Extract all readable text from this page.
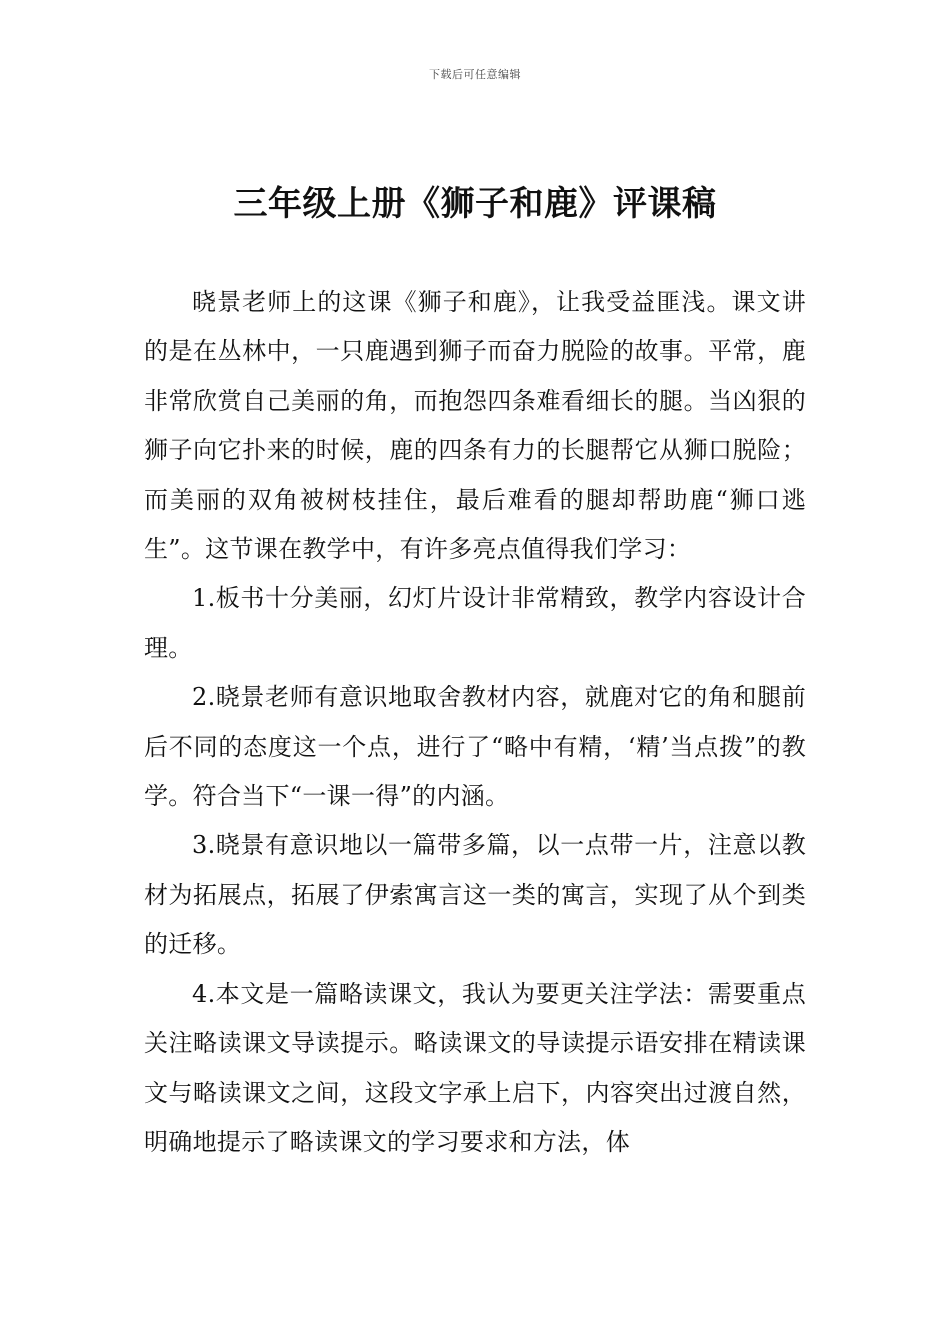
下载后可任意编辑
三年级上册《狮子和鹿》评课稿

晓景老师上的这课《狮子和鹿》，让我受益匪浅。课文讲的是在丛林中，一只鹿遇到狮子而奋力脱险的故事。平常，鹿非常欣赏自己美丽的角，而抱怨四条难看细长的腿。当凶狠的狮子向它扑来的时候，鹿的四条有力的长腿帮它从狮口脱险；而美丽的双角被树枝挂住，最后难看的腿却帮助鹿“狮口逃生”。这节课在教学中，有许多亮点值得我们学习：

1.板书十分美丽，幻灯片设计非常精致，教学内容设计合理。

2.晓景老师有意识地取舍教材内容，就鹿对它的角和腿前后不同的态度这一个点，进行了“略中有精，‘精’当点拨”的教学。符合当下“一课一得”的内涵。

3.晓景有意识地以一篇带多篇，以一点带一片，注意以教材为拓展点，拓展了伊索寓言这一类的寓言，实现了从个到类的迁移。

4.本文是一篇略读课文，我认为要更关注学法：需要重点关注略读课文导读提示。略读课文的导读提示语安排在精读课文与略读课文之间，这段文字承上启下，内容突出过渡自然，明确地提示了略读课文的学习要求和方法，体
